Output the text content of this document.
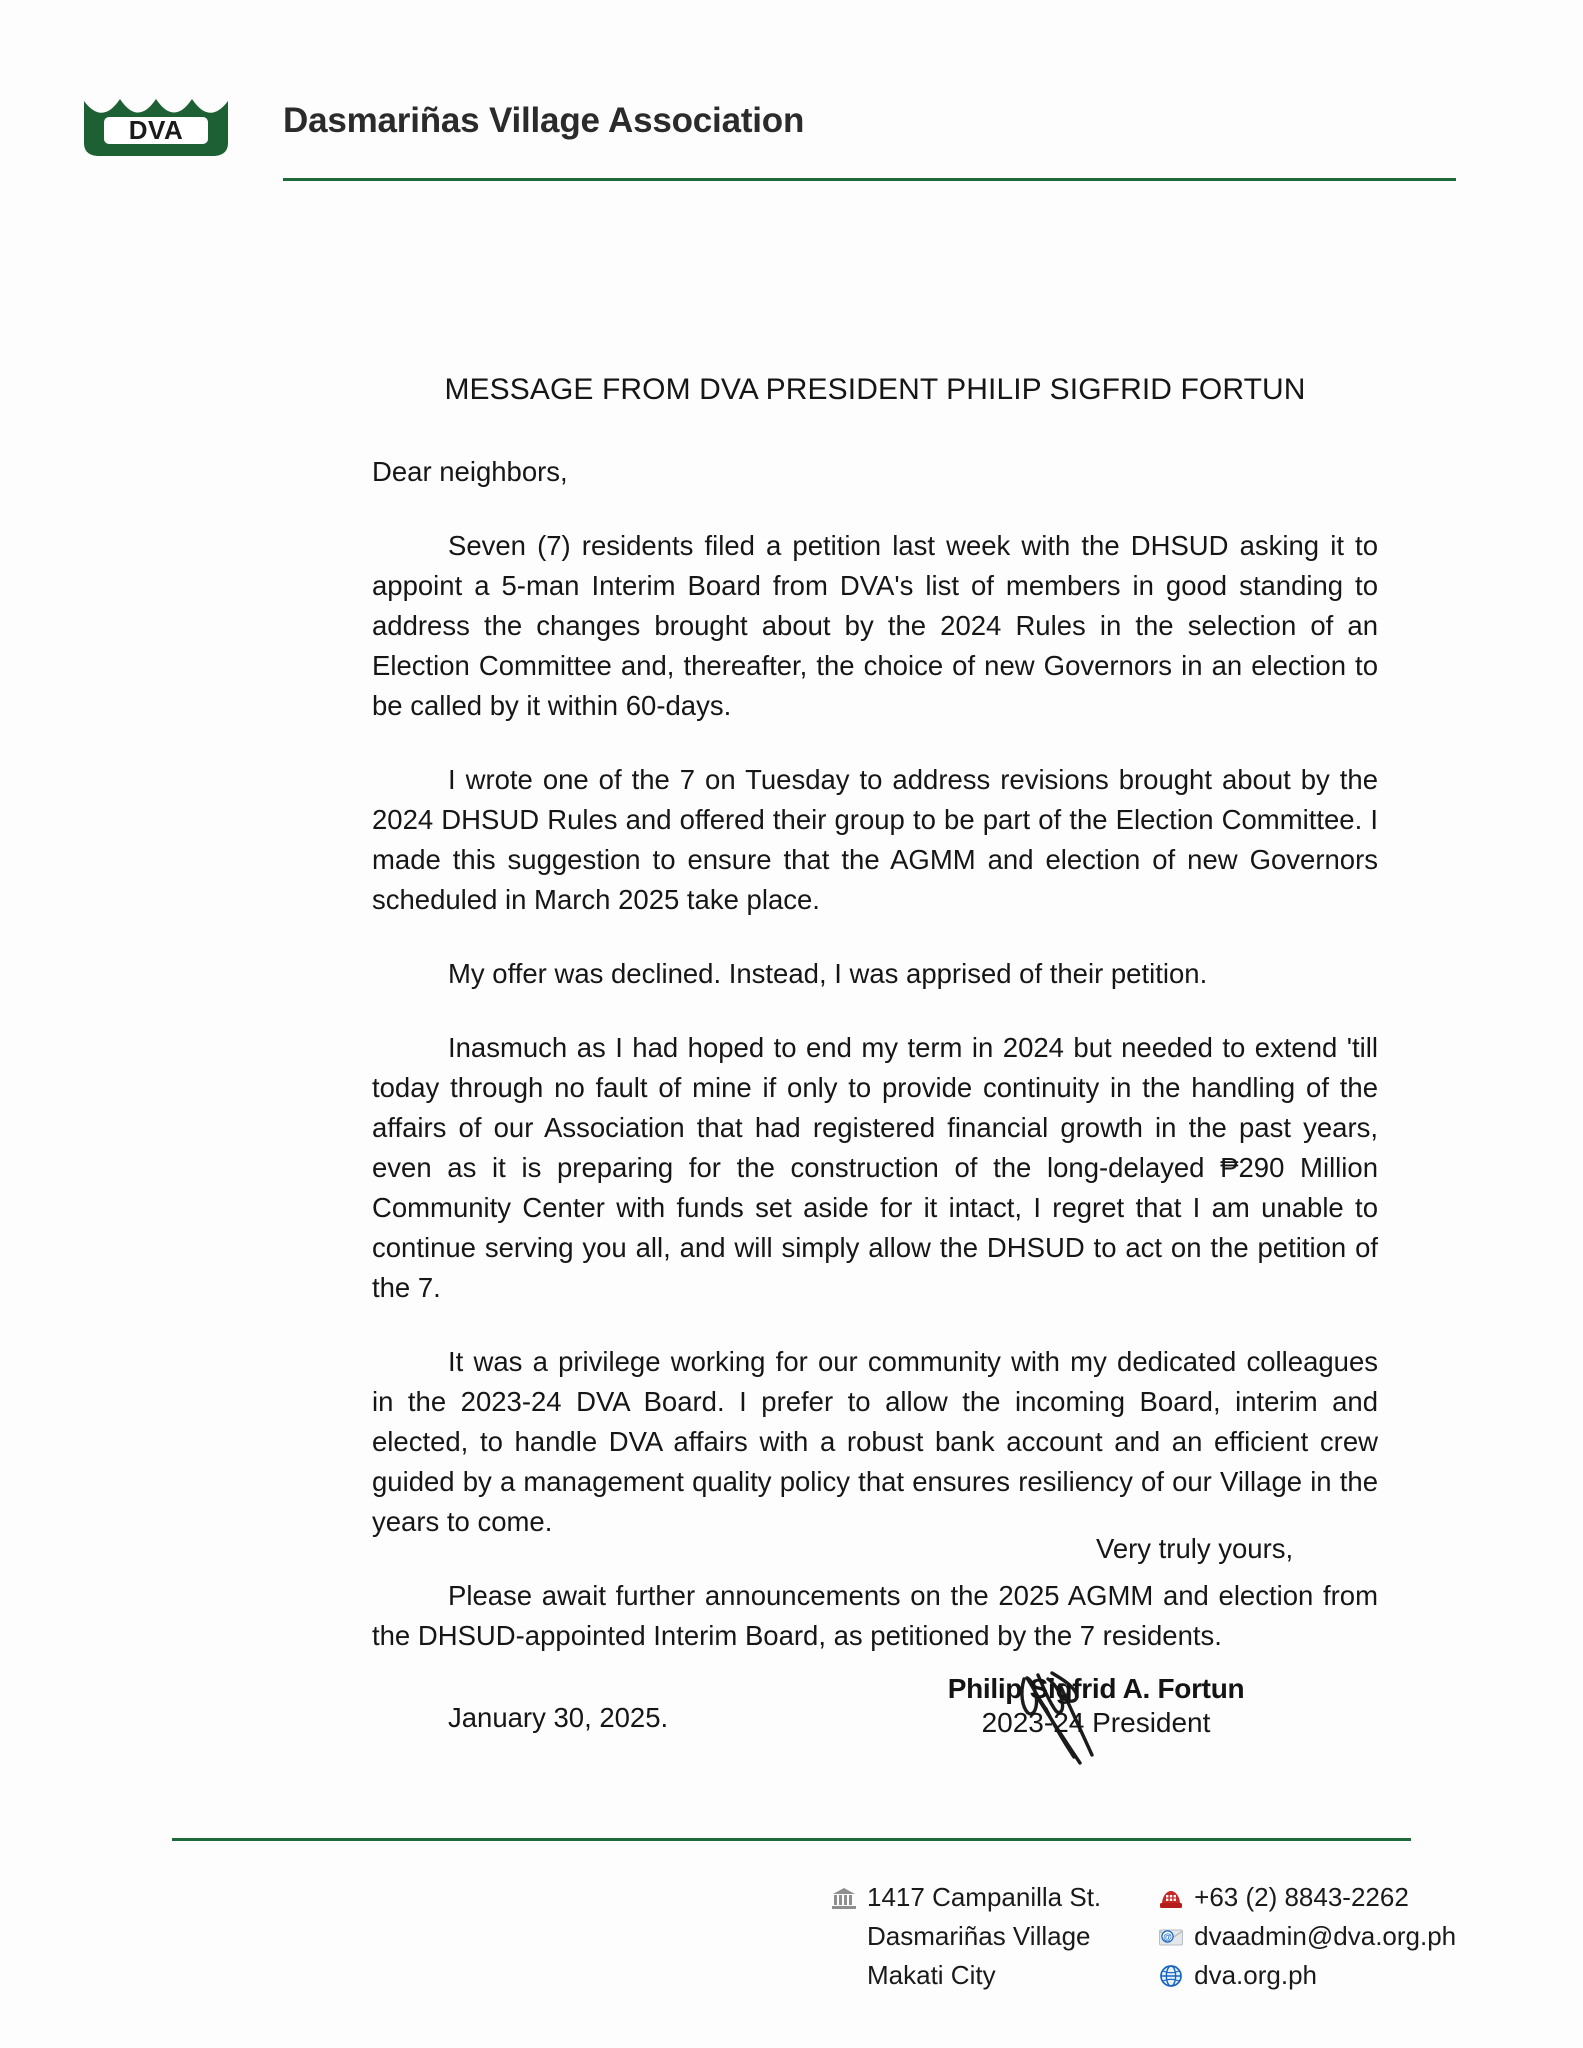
DVA	Dasmariñas Village Association
MESSAGE FROM DVA PRESIDENT PHILIP SIGFRID FORTUN
Dear neighbors,

Seven (7) residents filed a petition last week with the DHSUD asking it to appoint a 5-man Interim Board from DVA's list of members in good standing to address the changes brought about by the 2024 Rules in the selection of an Election Committee and, thereafter, the choice of new Governors in an election to be called by it within 60-days.

I wrote one of the 7 on Tuesday to address revisions brought about by the 2024 DHSUD Rules and offered their group to be part of the Election Committee. I made this suggestion to ensure that the AGMM and election of new Governors scheduled in March 2025 take place.

My offer was declined. Instead, I was apprised of their petition.

Inasmuch as I had hoped to end my term in 2024 but needed to extend 'till today through no fault of mine if only to provide continuity in the handling of the affairs of our Association that had registered financial growth in the past years, even as it is preparing for the construction of the long-delayed ₱290 Million Community Center with funds set aside for it intact, I regret that I am unable to continue serving you all, and will simply allow the DHSUD to act on the petition of the 7.

It was a privilege working for our community with my dedicated colleagues in the 2023-24 DVA Board. I prefer to allow the incoming Board, interim and elected, to handle DVA affairs with a robust bank account and an efficient crew guided by a management quality policy that ensures resiliency of our Village in the years to come.

Please await further announcements on the 2025 AGMM and election from the DHSUD-appointed Interim Board, as petitioned by the 7 residents.

January 30, 2025.
Very truly yours,
Philip Sigfrid A. Fortun
2023-24 President
1417 Campanilla St.
Dasmariñas Village
Makati City
+63 (2) 8843-2262
@ dvaadmin@dva.org.ph
dva.org.ph
